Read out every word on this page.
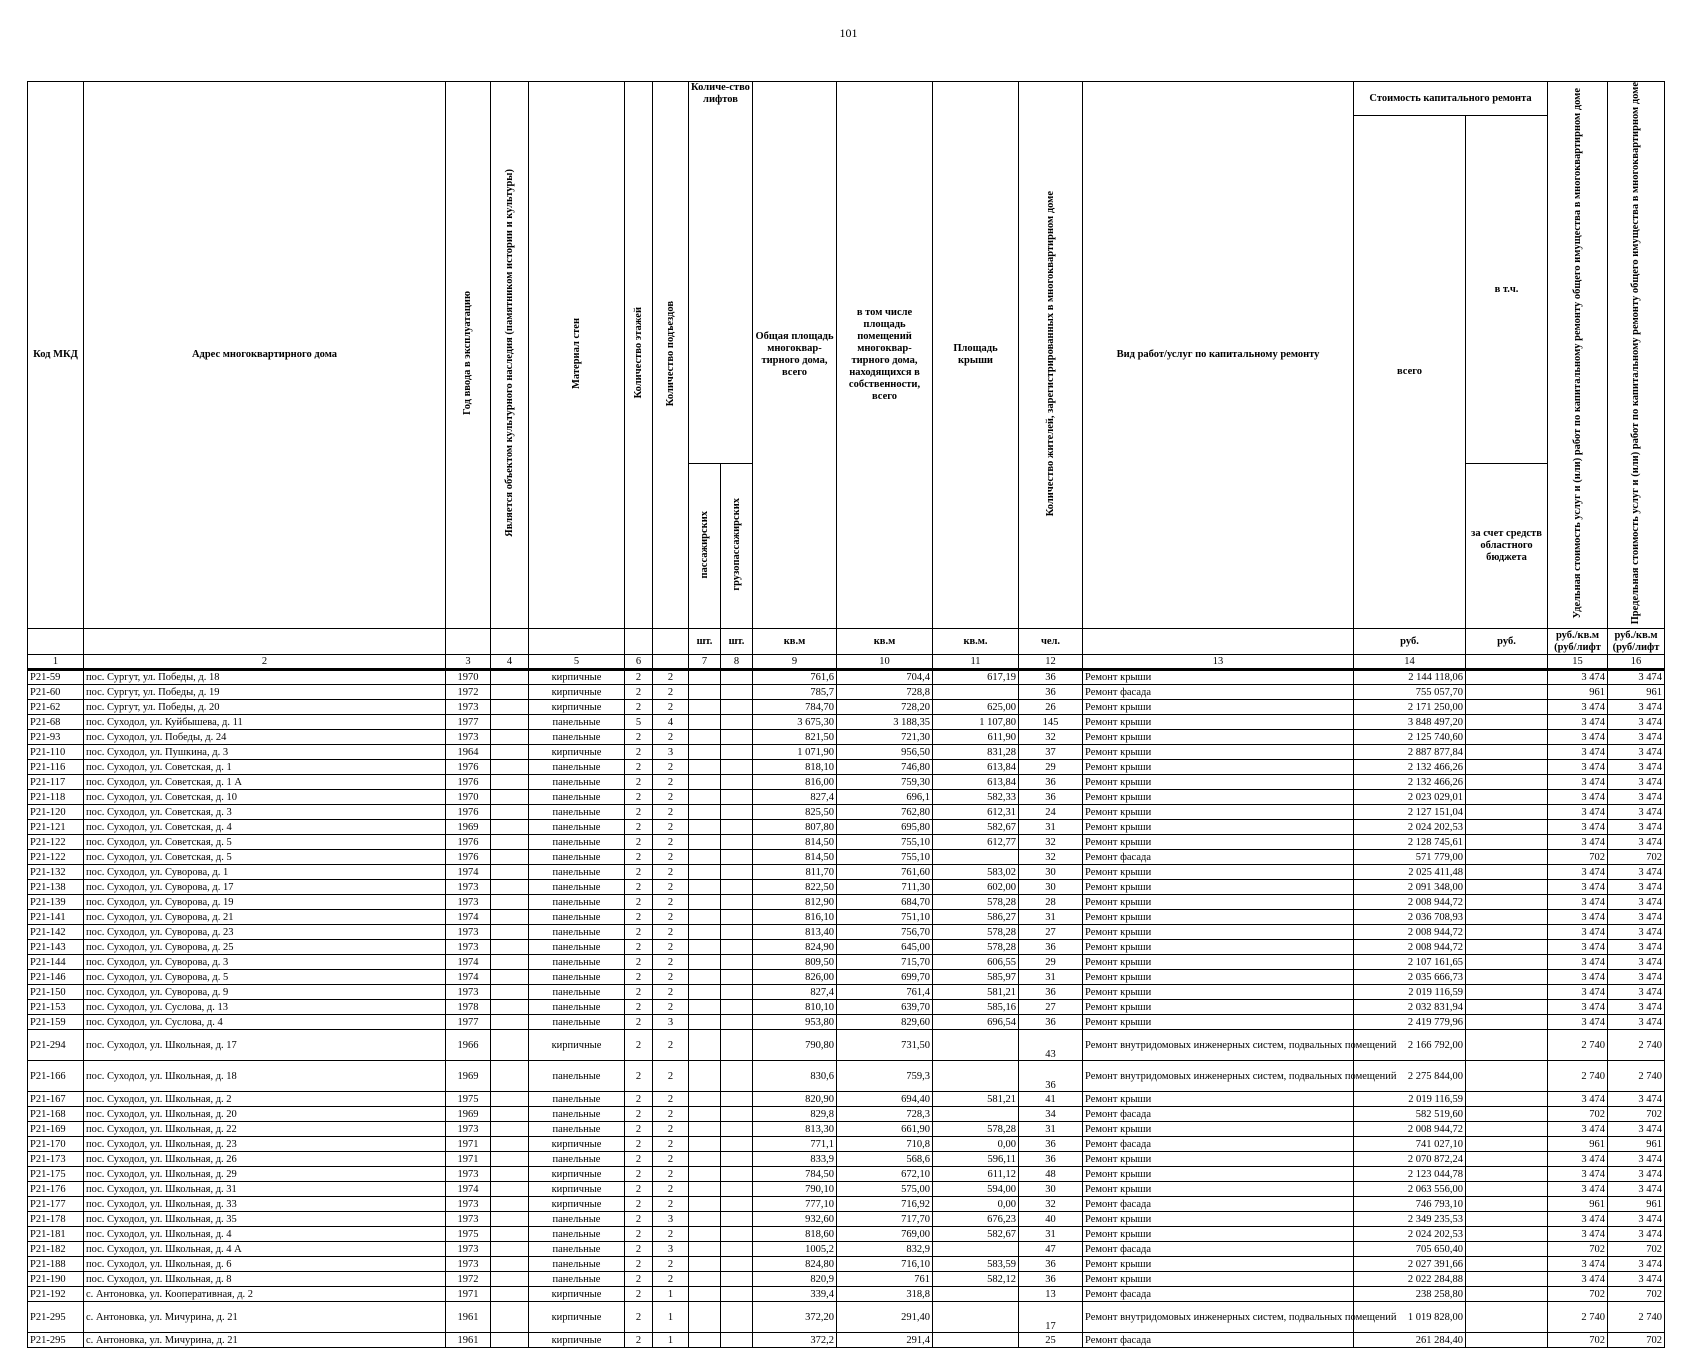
101
Код МКД	Адрес многоквартирного дома	Год ввода в эксплуатацию	Является объектом культурного наследия (памятником истории и культуры)	Материал стен	Количество этажей	Количество подъездов	Количе-ство лифтов		Общая площадь многоквар-тирного дома, всего	в том числе площадь помещений многоквар-тирного дома, находящихся в собственности, всего	Площадь крыши	Количество жителей, зарегистрированных в многоквартирном доме	Вид работ/услуг по капитальному ремонту	Стоимость капитального ремонта		Удельная стоимость услуг и (или) работ по капитальному ремонту общего имущества в многоквартирном доме	Предельная стоимость услуг и (или) работ по капитальному ремонту общего имущества в многоквартирном доме
														всего	в т.ч.		
							пассажирских	грузопассажирских							за счет средств областного бюджета		
							шт.	шт.	кв.м	кв.м	кв.м.	чел.		руб.	руб.	руб./кв.м (руб/лифт	руб./кв.м (руб/лифт
1	2	3	4	5	6		7	8	9	10	11	12	13	14		15	16
Р21-59	пос. Сургут, ул. Победы, д. 18	1970		кирпичные	2	2			761,6	704,4	617,19	36	Ремонт крыши	2 144 118,06		3 474	3 474
Р21-60	пос. Сургут, ул. Победы, д. 19	1972		кирпичные	2	2			785,7	728,8		36	Ремонт фасада	755 057,70		961	961
Р21-62	пос. Сургут, ул. Победы, д. 20	1973		кирпичные	2	2			784,70	728,20	625,00	26	Ремонт крыши	2 171 250,00		3 474	3 474
Р21-68	пос. Суходол, ул. Куйбышева, д. 11	1977		панельные	5	4			3 675,30	3 188,35	1 107,80	145	Ремонт крыши	3 848 497,20		3 474	3 474
Р21-93	пос. Суходол, ул. Победы, д. 24	1973		панельные	2	2			821,50	721,30	611,90	32	Ремонт крыши	2 125 740,60		3 474	3 474
Р21-110	пос. Суходол, ул. Пушкина, д. 3	1964		кирпичные	2	3			1 071,90	956,50	831,28	37	Ремонт крыши	2 887 877,84		3 474	3 474
Р21-116	пос. Суходол, ул. Советская, д. 1	1976		панельные	2	2			818,10	746,80	613,84	29	Ремонт крыши	2 132 466,26		3 474	3 474
Р21-117	пос. Суходол, ул. Советская, д. 1 А	1976		панельные	2	2			816,00	759,30	613,84	36	Ремонт крыши	2 132 466,26		3 474	3 474
Р21-118	пос. Суходол, ул. Советская, д. 10	1970		панельные	2	2			827,4	696,1	582,33	36	Ремонт крыши	2 023 029,01		3 474	3 474
Р21-120	пос. Суходол, ул. Советская, д. 3	1976		панельные	2	2			825,50	762,80	612,31	24	Ремонт крыши	2 127 151,04		3 474	3 474
Р21-121	пос. Суходол, ул. Советская, д. 4	1969		панельные	2	2			807,80	695,80	582,67	31	Ремонт крыши	2 024 202,53		3 474	3 474
Р21-122	пос. Суходол, ул. Советская, д. 5	1976		панельные	2	2			814,50	755,10	612,77	32	Ремонт крыши	2 128 745,61		3 474	3 474
Р21-122	пос. Суходол, ул. Советская, д. 5	1976		панельные	2	2			814,50	755,10		32	Ремонт фасада	571 779,00		702	702
Р21-132	пос. Суходол, ул. Суворова, д. 1	1974		панельные	2	2			811,70	761,60	583,02	30	Ремонт крыши	2 025 411,48		3 474	3 474
Р21-138	пос. Суходол, ул. Суворова, д. 17	1973		панельные	2	2			822,50	711,30	602,00	30	Ремонт крыши	2 091 348,00		3 474	3 474
Р21-139	пос. Суходол, ул. Суворова, д. 19	1973		панельные	2	2			812,90	684,70	578,28	28	Ремонт крыши	2 008 944,72		3 474	3 474
Р21-141	пос. Суходол, ул. Суворова, д. 21	1974		панельные	2	2			816,10	751,10	586,27	31	Ремонт крыши	2 036 708,93		3 474	3 474
Р21-142	пос. Суходол, ул. Суворова, д. 23	1973		панельные	2	2			813,40	756,70	578,28	27	Ремонт крыши	2 008 944,72		3 474	3 474
Р21-143	пос. Суходол, ул. Суворова, д. 25	1973		панельные	2	2			824,90	645,00	578,28	36	Ремонт крыши	2 008 944,72		3 474	3 474
Р21-144	пос. Суходол, ул. Суворова, д. 3	1974		панельные	2	2			809,50	715,70	606,55	29	Ремонт крыши	2 107 161,65		3 474	3 474
Р21-146	пос. Суходол, ул. Суворова, д. 5	1974		панельные	2	2			826,00	699,70	585,97	31	Ремонт крыши	2 035 666,73		3 474	3 474
Р21-150	пос. Суходол, ул. Суворова, д. 9	1973		панельные	2	2			827,4	761,4	581,21	36	Ремонт крыши	2 019 116,59		3 474	3 474
Р21-153	пос. Суходол, ул. Суслова, д. 13	1978		панельные	2	2			810,10	639,70	585,16	27	Ремонт крыши	2 032 831,94		3 474	3 474
Р21-159	пос. Суходол, ул. Суслова, д. 4	1977		панельные	2	3			953,80	829,60	696,54	36	Ремонт крыши	2 419 779,96		3 474	3 474
Р21-294	пос. Суходол, ул. Школьная, д. 17	1966		кирпичные	2	2			790,80	731,50		43	Ремонт внутридомовых инженерных систем, подвальных помещений	2 166 792,00		2 740	2 740
Р21-166	пос. Суходол, ул. Школьная, д. 18	1969		панельные	2	2			830,6	759,3		36	Ремонт внутридомовых инженерных систем, подвальных помещений	2 275 844,00		2 740	2 740
Р21-167	пос. Суходол, ул. Школьная, д. 2	1975		панельные	2	2			820,90	694,40	581,21	41	Ремонт крыши	2 019 116,59		3 474	3 474
Р21-168	пос. Суходол, ул. Школьная, д. 20	1969		панельные	2	2			829,8	728,3		34	Ремонт фасада	582 519,60		702	702
Р21-169	пос. Суходол, ул. Школьная, д. 22	1973		панельные	2	2			813,30	661,90	578,28	31	Ремонт крыши	2 008 944,72		3 474	3 474
Р21-170	пос. Суходол, ул. Школьная, д. 23	1971		кирпичные	2	2			771,1	710,8	0,00	36	Ремонт фасада	741 027,10		961	961
Р21-173	пос. Суходол, ул. Школьная, д. 26	1971		панельные	2	2			833,9	568,6	596,11	36	Ремонт крыши	2 070 872,24		3 474	3 474
Р21-175	пос. Суходол, ул. Школьная, д. 29	1973		кирпичные	2	2			784,50	672,10	611,12	48	Ремонт крыши	2 123 044,78		3 474	3 474
Р21-176	пос. Суходол, ул. Школьная, д. 31	1974		кирпичные	2	2			790,10	575,00	594,00	30	Ремонт крыши	2 063 556,00		3 474	3 474
Р21-177	пос. Суходол, ул. Школьная, д. 33	1973		кирпичные	2	2			777,10	716,92	0,00	32	Ремонт фасада	746 793,10		961	961
Р21-178	пос. Суходол, ул. Школьная, д. 35	1973		панельные	2	3			932,60	717,70	676,23	40	Ремонт крыши	2 349 235,53		3 474	3 474
Р21-181	пос. Суходол, ул. Школьная, д. 4	1975		панельные	2	2			818,60	769,00	582,67	31	Ремонт крыши	2 024 202,53		3 474	3 474
Р21-182	пос. Суходол, ул. Школьная, д. 4 А	1973		панельные	2	3			1005,2	832,9		47	Ремонт фасада	705 650,40		702	702
Р21-188	пос. Суходол, ул. Школьная, д. 6	1973		панельные	2	2			824,80	716,10	583,59	36	Ремонт крыши	2 027 391,66		3 474	3 474
Р21-190	пос. Суходол, ул. Школьная, д. 8	1972		панельные	2	2			820,9	761	582,12	36	Ремонт крыши	2 022 284,88		3 474	3 474
Р21-192	с. Антоновка, ул. Кооперативная, д. 2	1971		кирпичные	2	1			339,4	318,8		13	Ремонт фасада	238 258,80		702	702
Р21-295	с. Антоновка, ул. Мичурина, д. 21	1961		кирпичные	2	1			372,20	291,40		17	Ремонт внутридомовых инженерных систем, подвальных помещений	1 019 828,00		2 740	2 740
Р21-295	с. Антоновка, ул. Мичурина, д. 21	1961		кирпичные	2	1			372,2	291,4		25	Ремонт фасада	261 284,40		702	702
